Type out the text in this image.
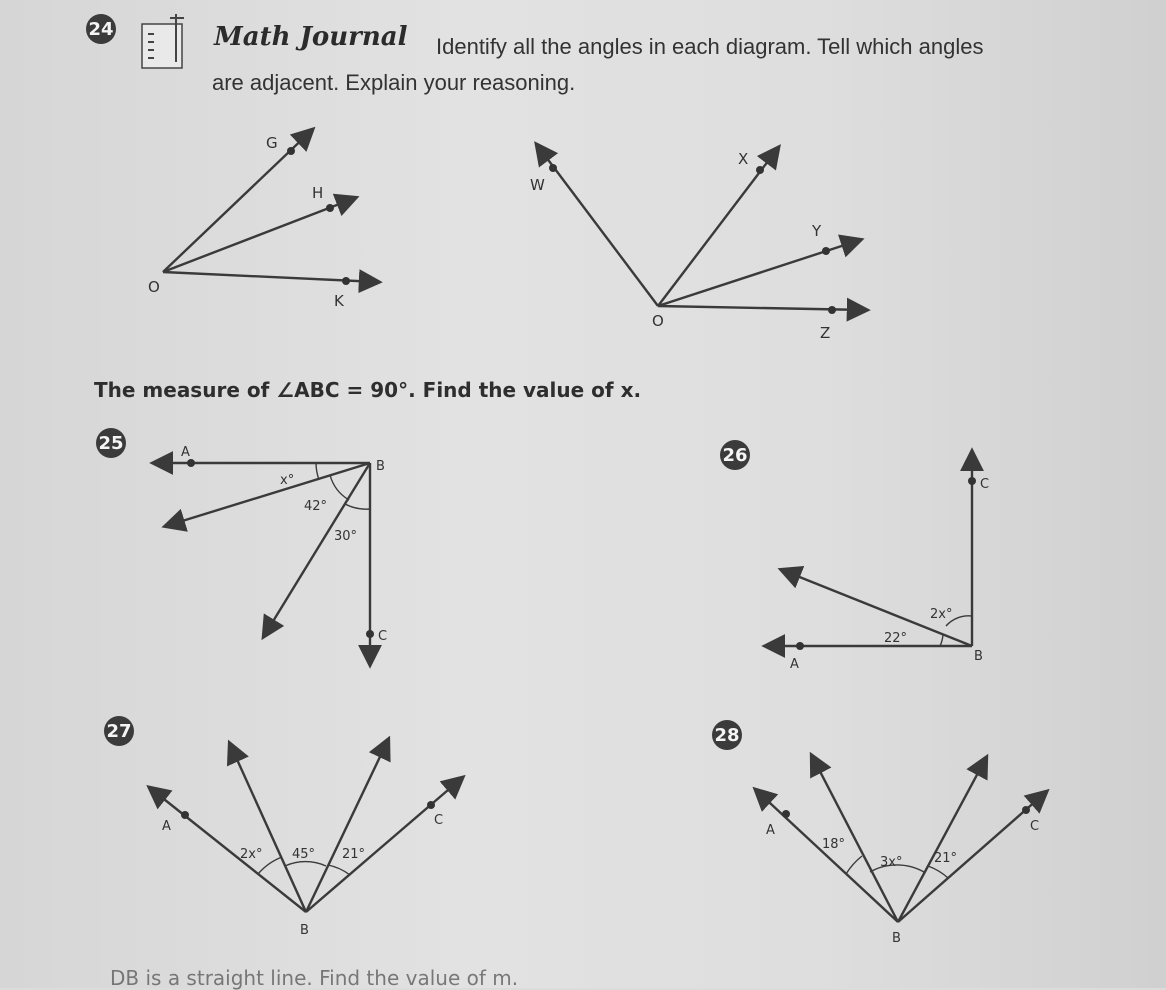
24	Math Journal Identify all the angles in each diagram. Tell which angles
are adjacent. Explain your reasoning.
G
H
O
K
W
X
Y
O
Z
The measure of ∠ABC = 90°. Find the value of x.
25	A
B
C
x°
42°
30°
26
C
A
B
2x°
22°
27
A	C
B
2x° 45° 21°
28
A	C
B
18°
3x° 21°
DB is a straight line. Find the value of m.
